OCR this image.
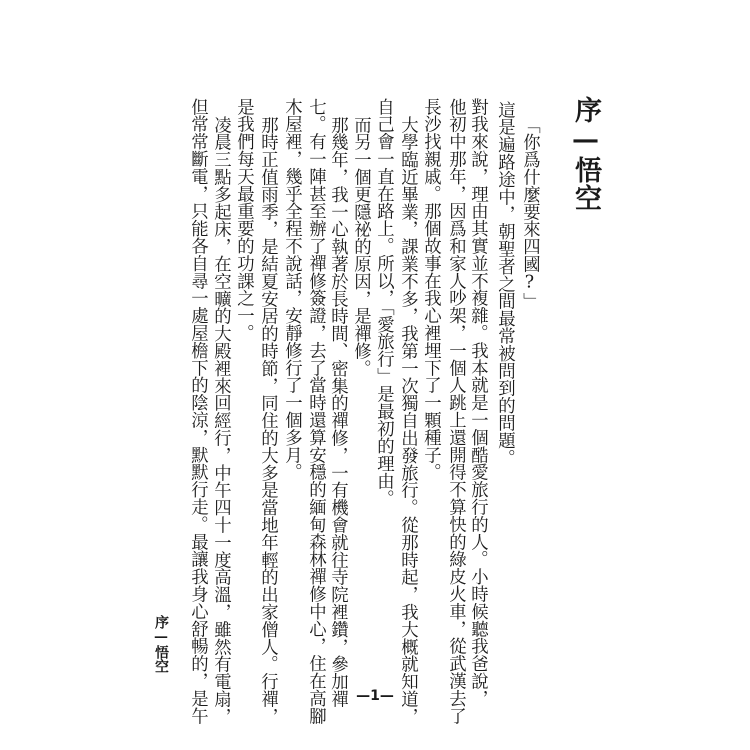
序—悟空
「你爲什麼要來四國?」
這是遍路途中，朝聖者之間最常被問到的問題。
對我來說，理由其實並不複雜。我本就是一個酷愛旅行的人。小時候聽我爸說，
他初中那年，因爲和家人吵架，一個人跳上還開得不算快的綠皮火車，從武漢去了
長沙找親戚。那個故事在我心裡埋下了一顆種子。
大學臨近畢業，課業不多，我第一次獨自出發旅行。從那時起，我大概就知道，
自己會一直在路上。所以，「愛旅行」是最初的理由。
而另一個更隱祕的原因，是禪修。
那幾年，我一心執著於長時間、密集的禪修，一有機會就往寺院裡鑽，參加禪
七。有一陣甚至辦了禪修簽證，去了當時還算安穩的緬甸森林禪修中心，住在高腳
木屋裡，幾乎全程不說話，安靜修行了一個多月。
那時正值雨季，是結夏安居的時節，同住的大多是當地年輕的出家僧人。行禪，
是我們每天最重要的功課之一。
凌晨三點多起床，在空曠的大殿裡來回經行，中午四十一度高溫，雖然有電扇，
但常常斷電，只能各自尋一處屋檐下的陰涼，默默行走。最讓我身心舒暢的，是午
序—悟空
—1—
